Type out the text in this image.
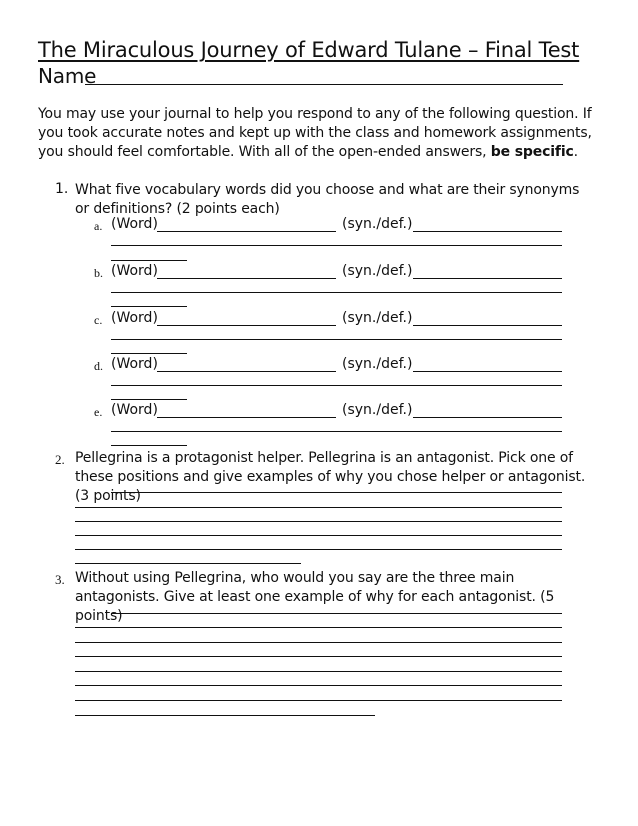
The Miraculous Journey of Edward Tulane – Final Test
Name
You may use your journal to help you respond to any of the following question. If you took accurate notes and kept up with the class and homework assignments, you should feel comfortable. With all of the open-ended answers, be specific.
1. What five vocabulary words did you choose and what are their synonyms or definitions? (2 points each)
a. (Word)	(syn./def.)
b. (Word)	(syn./def.)
c. (Word)	(syn./def.)
d. (Word)	(syn./def.)
e. (Word)	(syn./def.)
2. Pellegrina is a protagonist helper. Pellegrina is an antagonist. Pick one of these positions and give examples of why you chose helper or antagonist. (3 points)
3. Without using Pellegrina, who would you say are the three main antagonists. Give at least one example of why for each antagonist. (5 points)
